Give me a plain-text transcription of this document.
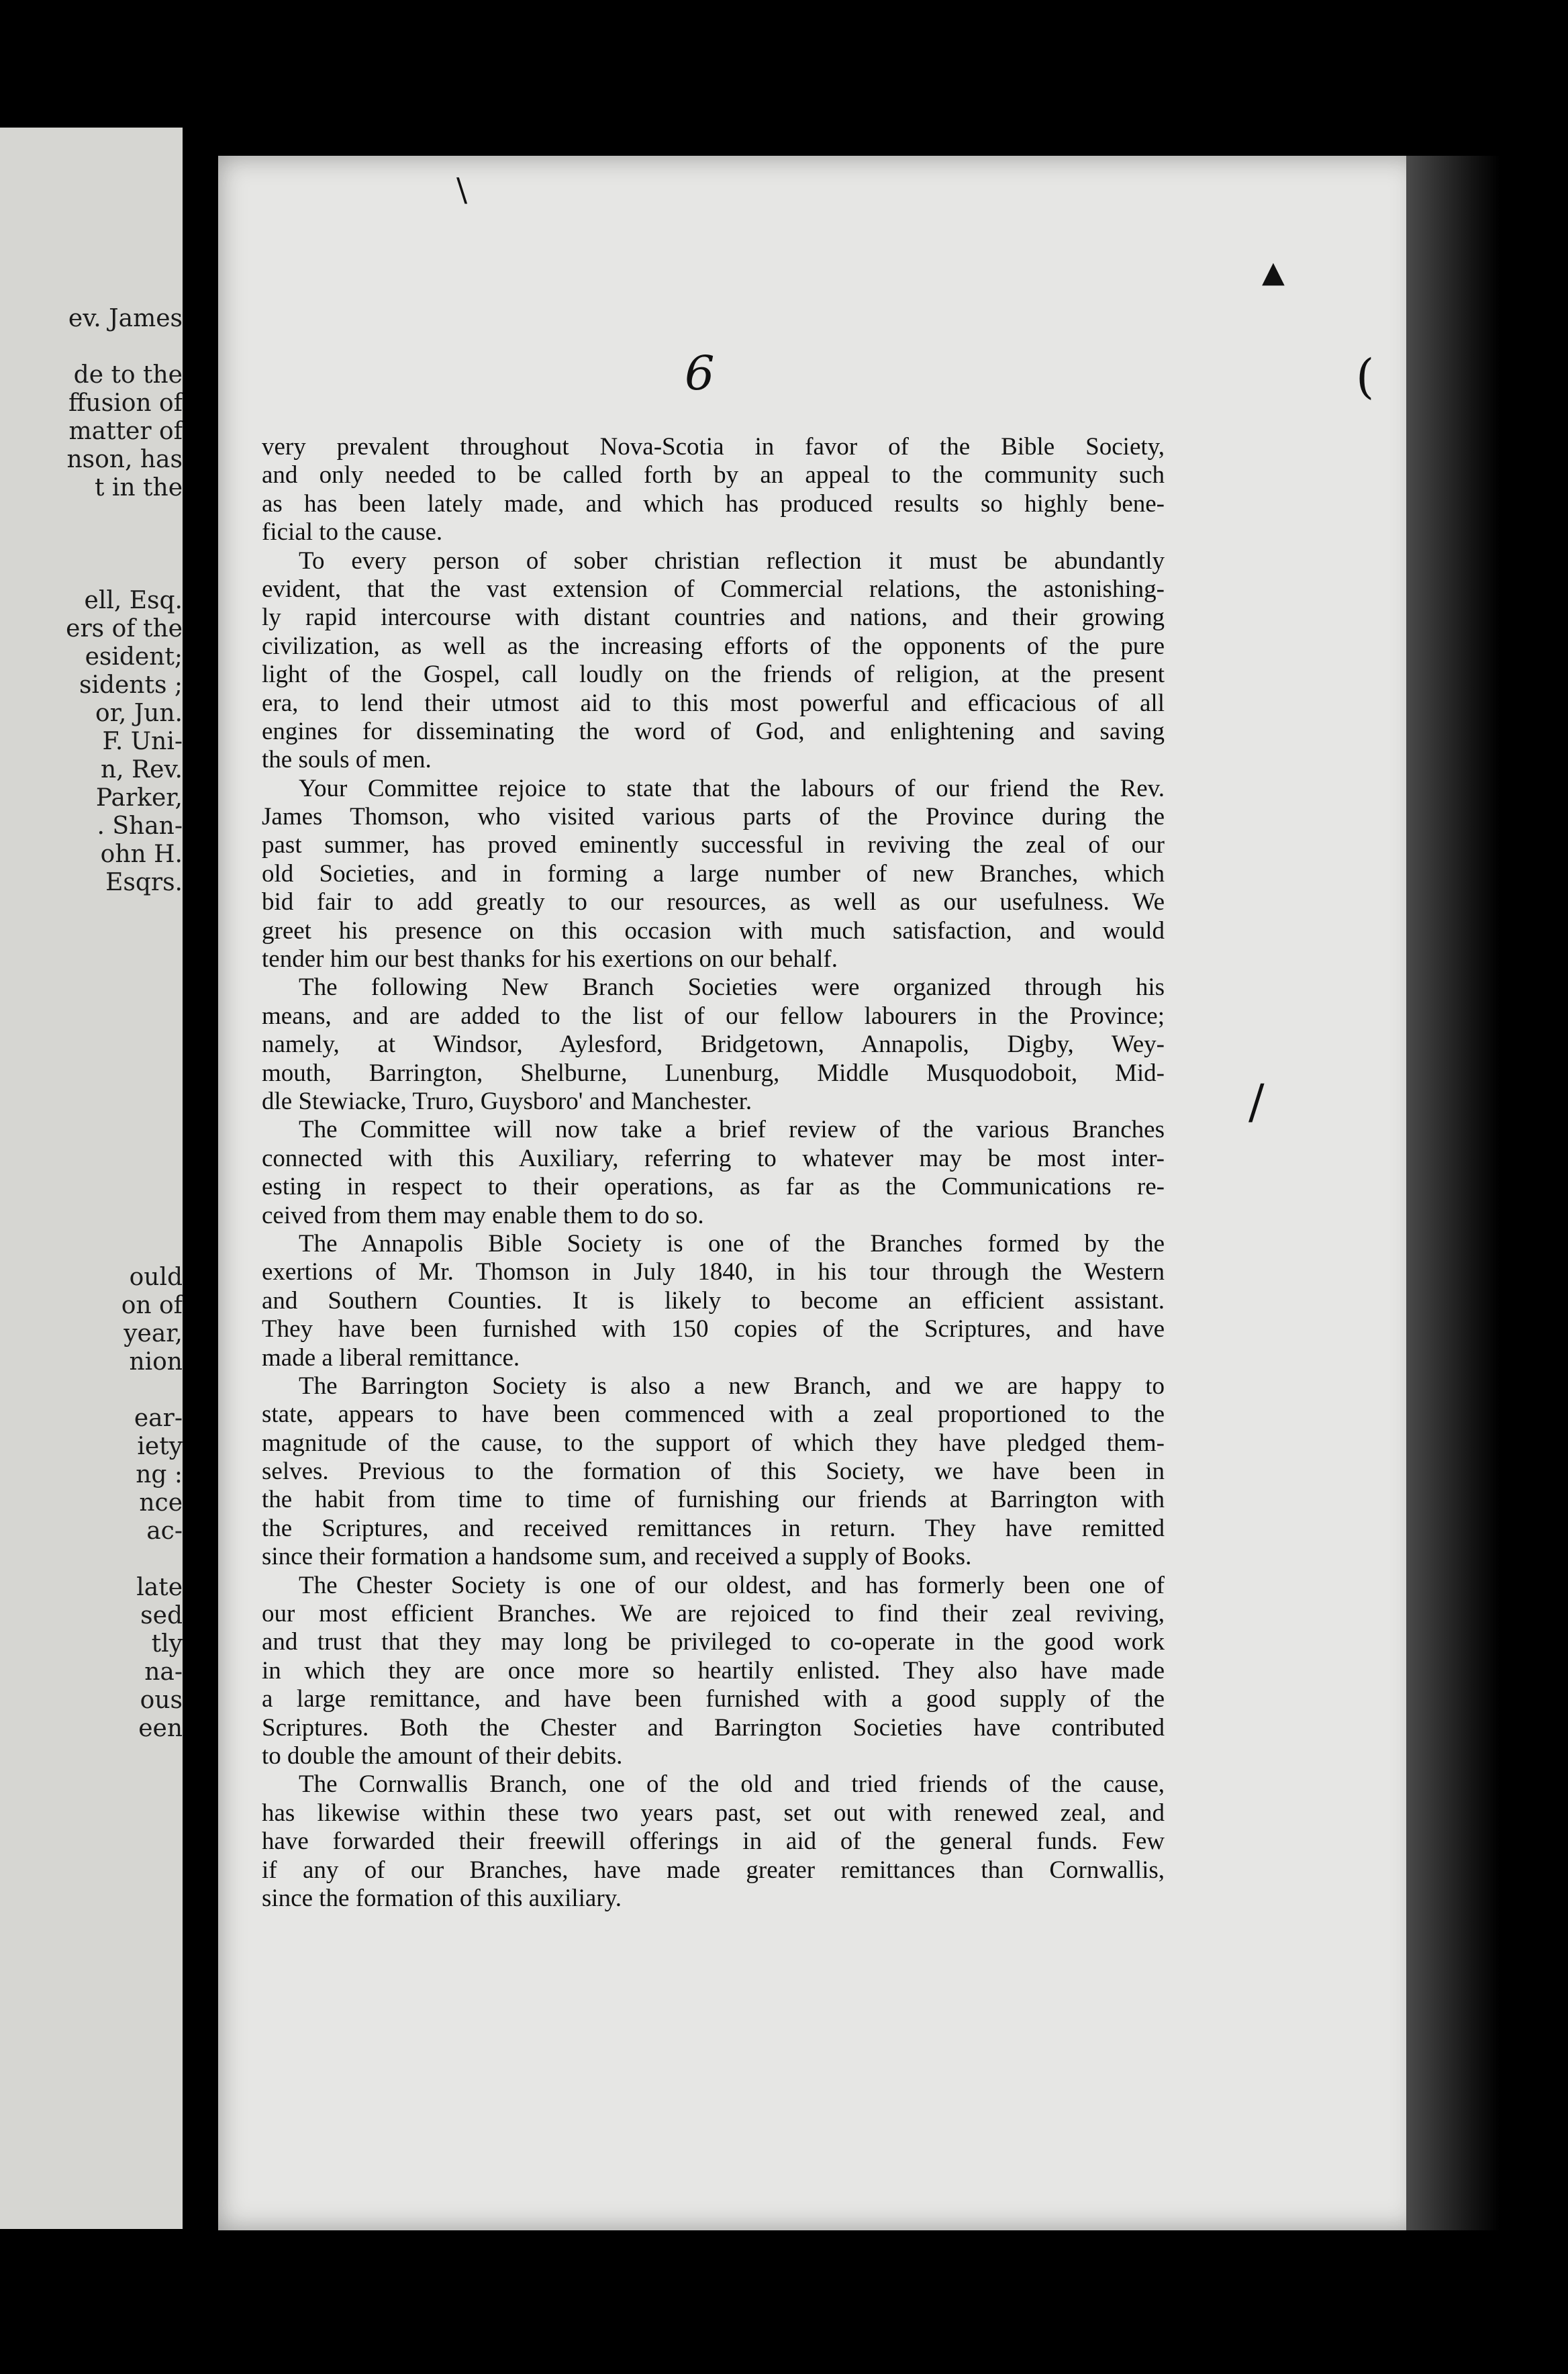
ev. James
de to the
ffusion of
matter of
nson, has
t in the
ell, Esq.
ers of the
esident;
sidents ;
or, Jun.
F. Uni-
n, Rev.
Parker,
. Shan-
ohn H.
Esqrs.
ould
on of
year,
nion
ear-
iety
ng :
nce
ac-
late
sed
tly
na-
ous
een
6
very prevalent throughout Nova-Scotia in favor of the Bible Society,
and only needed to be called forth by an appeal to the community such
as has been lately made, and which has produced results so highly bene-
ficial to the cause.
To every person of sober christian reflection it must be abundantly
evident, that the vast extension of Commercial relations, the astonishing-
ly rapid intercourse with distant countries and nations, and their growing
civilization, as well as the increasing efforts of the opponents of the pure
light of the Gospel, call loudly on the friends of religion, at the present
era, to lend their utmost aid to this most powerful and efficacious of all
engines for disseminating the word of God, and enlightening and saving
the souls of men.
Your Committee rejoice to state that the labours of our friend the Rev.
James Thomson, who visited various parts of the Province during the
past summer, has proved eminently successful in reviving the zeal of our
old Societies, and in forming a large number of new Branches, which
bid fair to add greatly to our resources, as well as our usefulness. We
greet his presence on this occasion with much satisfaction, and would
tender him our best thanks for his exertions on our behalf.
The following New Branch Societies were organized through his
means, and are added to the list of our fellow labourers in the Province;
namely, at Windsor, Aylesford, Bridgetown, Annapolis, Digby, Wey-
mouth, Barrington, Shelburne, Lunenburg, Middle Musquodoboit, Mid-
dle Stewiacke, Truro, Guysboro' and Manchester.
The Committee will now take a brief review of the various Branches
connected with this Auxiliary, referring to whatever may be most inter-
esting in respect to their operations, as far as the Communications re-
ceived from them may enable them to do so.
The Annapolis Bible Society is one of the Branches formed by the
exertions of Mr. Thomson in July 1840, in his tour through the Western
and Southern Counties. It is likely to become an efficient assistant.
They have been furnished with 150 copies of the Scriptures, and have
made a liberal remittance.
The Barrington Society is also a new Branch, and we are happy to
state, appears to have been commenced with a zeal proportioned to the
magnitude of the cause, to the support of which they have pledged them-
selves. Previous to the formation of this Society, we have been in
the habit from time to time of furnishing our friends at Barrington with
the Scriptures, and received remittances in return. They have remitted
since their formation a handsome sum, and received a supply of Books.
The Chester Society is one of our oldest, and has formerly been one of
our most efficient Branches. We are rejoiced to find their zeal reviving,
and trust that they may long be privileged to co-operate in the good work
in which they are once more so heartily enlisted. They also have made
a large remittance, and have been furnished with a good supply of the
Scriptures. Both the Chester and Barrington Societies have contributed
to double the amount of their debits.
The Cornwallis Branch, one of the old and tried friends of the cause,
has likewise within these two years past, set out with renewed zeal, and
have forwarded their freewill offerings in aid of the general funds. Few
if any of our Branches, have made greater remittances than Cornwallis,
since the formation of this auxiliary.
\
▲
(
/
